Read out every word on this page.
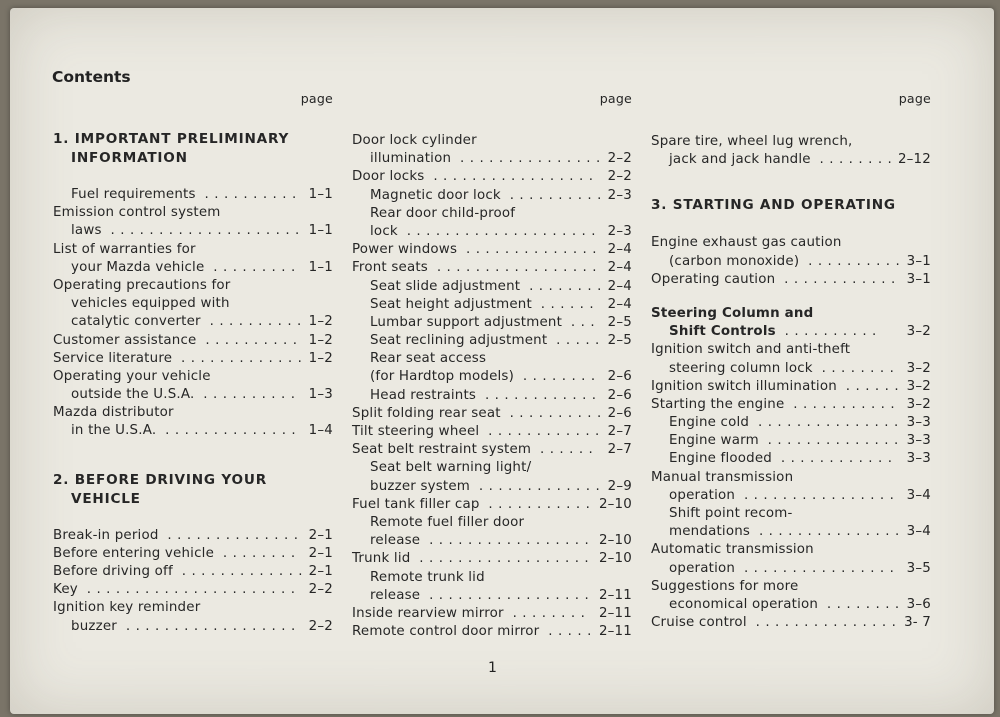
Contents
page
1. IMPORTANT PRELIMINARY
INFORMATION
Fuel requirements . . . . . . . . . . 1–1
Emission control system
laws . . . . . . . . . . . . . . . . . . . . 1–1
List of warranties for
your Mazda vehicle . . . . . . . . . 1–1
Operating precautions for
vehicles equipped with
catalytic converter . . . . . . . . . . 1–2
Customer assistance . . . . . . . . . . 1–2
Service literature . . . . . . . . . . . . . 1–2
Operating your vehicle
outside the U.S.A. . . . . . . . . . . 1–3
Mazda distributor
in the U.S.A. . . . . . . . . . . . . . . 1–4
2. BEFORE DRIVING YOUR
VEHICLE
Break-in period . . . . . . . . . . . . . . 2–1
Before entering vehicle . . . . . . . . 2–1
Before driving off . . . . . . . . . . . . . 2–1
Key . . . . . . . . . . . . . . . . . . . . . . 2–2
Ignition key reminder
buzzer . . . . . . . . . . . . . . . . . . 2–2
page
Door lock cylinder
illumination . . . . . . . . . . . . . . . 2–2
Door locks . . . . . . . . . . . . . . . . . 2–2
Magnetic door lock . . . . . . . . . . 2–3
Rear door child-proof
lock . . . . . . . . . . . . . . . . . . . . 2–3
Power windows . . . . . . . . . . . . . . 2–4
Front seats . . . . . . . . . . . . . . . . . 2–4
Seat slide adjustment . . . . . . . . 2–4
Seat height adjustment . . . . . . 2–4
Lumbar support adjustment . . . 2–5
Seat reclining adjustment . . . . . 2–5
Rear seat access
(for Hardtop models) . . . . . . . . 2–6
Head restraints . . . . . . . . . . . . 2–6
Split folding rear seat . . . . . . . . . . 2–6
Tilt steering wheel . . . . . . . . . . . . 2–7
Seat belt restraint system . . . . . . 2–7
Seat belt warning light/
buzzer system . . . . . . . . . . . . . 2–9
Fuel tank filler cap . . . . . . . . . . . 2–10
Remote fuel filler door
release . . . . . . . . . . . . . . . . . 2–10
Trunk lid . . . . . . . . . . . . . . . . . . 2–10
Remote trunk lid
release . . . . . . . . . . . . . . . . . 2–11
Inside rearview mirror . . . . . . . . 2–11
Remote control door mirror . . . . . 2–11
page
Spare tire, wheel lug wrench,
jack and jack handle . . . . . . . . 2–12
3. STARTING AND OPERATING
Engine exhaust gas caution
(carbon monoxide) . . . . . . . . . . 3–1
Operating caution . . . . . . . . . . . . 3–1
Steering Column and
Shift Controls . . . . . . . . . . 3–2
Ignition switch and anti-theft
steering column lock . . . . . . . . 3–2
Ignition switch illumination . . . . . . 3–2
Starting the engine . . . . . . . . . . . 3–2
Engine cold . . . . . . . . . . . . . . . 3–3
Engine warm . . . . . . . . . . . . . . 3–3
Engine flooded . . . . . . . . . . . . 3–3
Manual transmission
operation . . . . . . . . . . . . . . . . 3–4
Shift point recom-
mendations . . . . . . . . . . . . . . . 3–4
Automatic transmission
operation . . . . . . . . . . . . . . . . 3–5
Suggestions for more
economical operation . . . . . . . . 3–6
Cruise control . . . . . . . . . . . . . . . 3- 7
1
